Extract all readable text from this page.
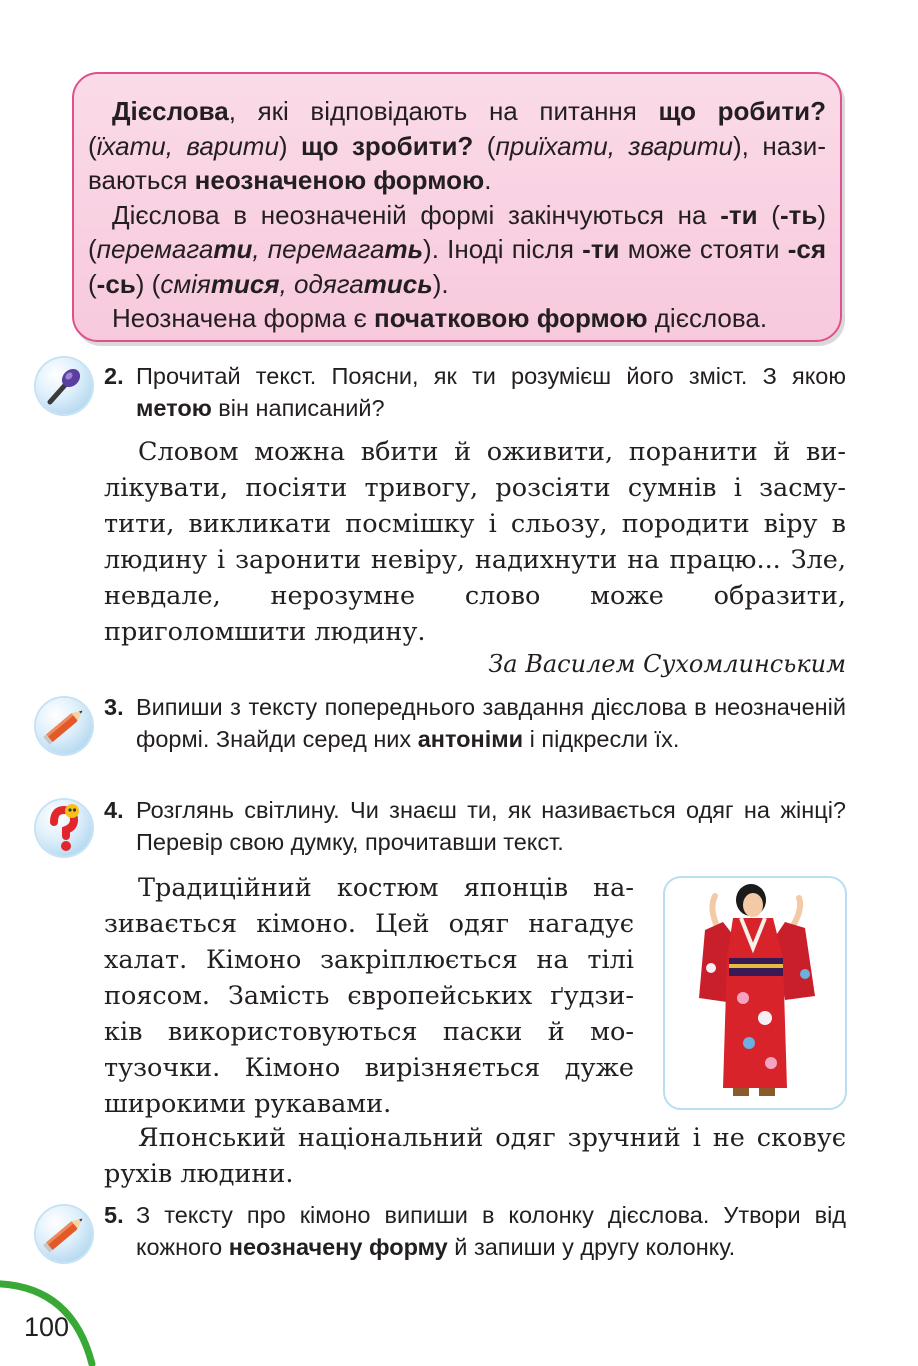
Дієслова, які відповідають на питання що робити? (їхати, варити) що зробити? (приїхати, зварити), нази-ваються неозначеною формою.

Дієслова в неозначеній формі закінчуються на -ти (-ть) (перемагати, перемагать). Іноді після -ти може стояти -ся (-сь) (сміятися, одягатись).

Неозначена форма є початковою формою дієслова.

2. Прочитай текст. Поясни, як ти розумієш його зміст. З якою метою він написаний?

Словом можна вбити й оживити, поранити й ви-лікувати, посіяти тривогу, розсіяти сумнів і засму-тити, викликати посмішку і сльозу, породити віру в людину і заронити невіру, надихнути на працю... Зле, невдале, нерозумне слово може образити, приголомшити людину.

За Василем Сухомлинським
3. Випиши з тексту попереднього завдання дієслова в неозначеній формі. Знайди серед них антоніми і підкресли їх.
4. Розглянь світлину. Чи знаєш ти, як називається одяг на жінці? Перевір свою думку, прочитавши текст.

Традиційний костюм японців на-зивається кімоно. Цей одяг нагадує халат. Кімоно закріплюється на тілі поясом. Замість європейських ґудзи-ків використовуються паски й мо-тузочки. Кімоно вирізняється дуже широкими рукавами.

Японський національний одяг зручний і не сковує рухів людини.

5. З тексту про кімоно випиши в колонку дієслова. Утвори від кожного неозначену форму й запиши у другу колонку.
100
